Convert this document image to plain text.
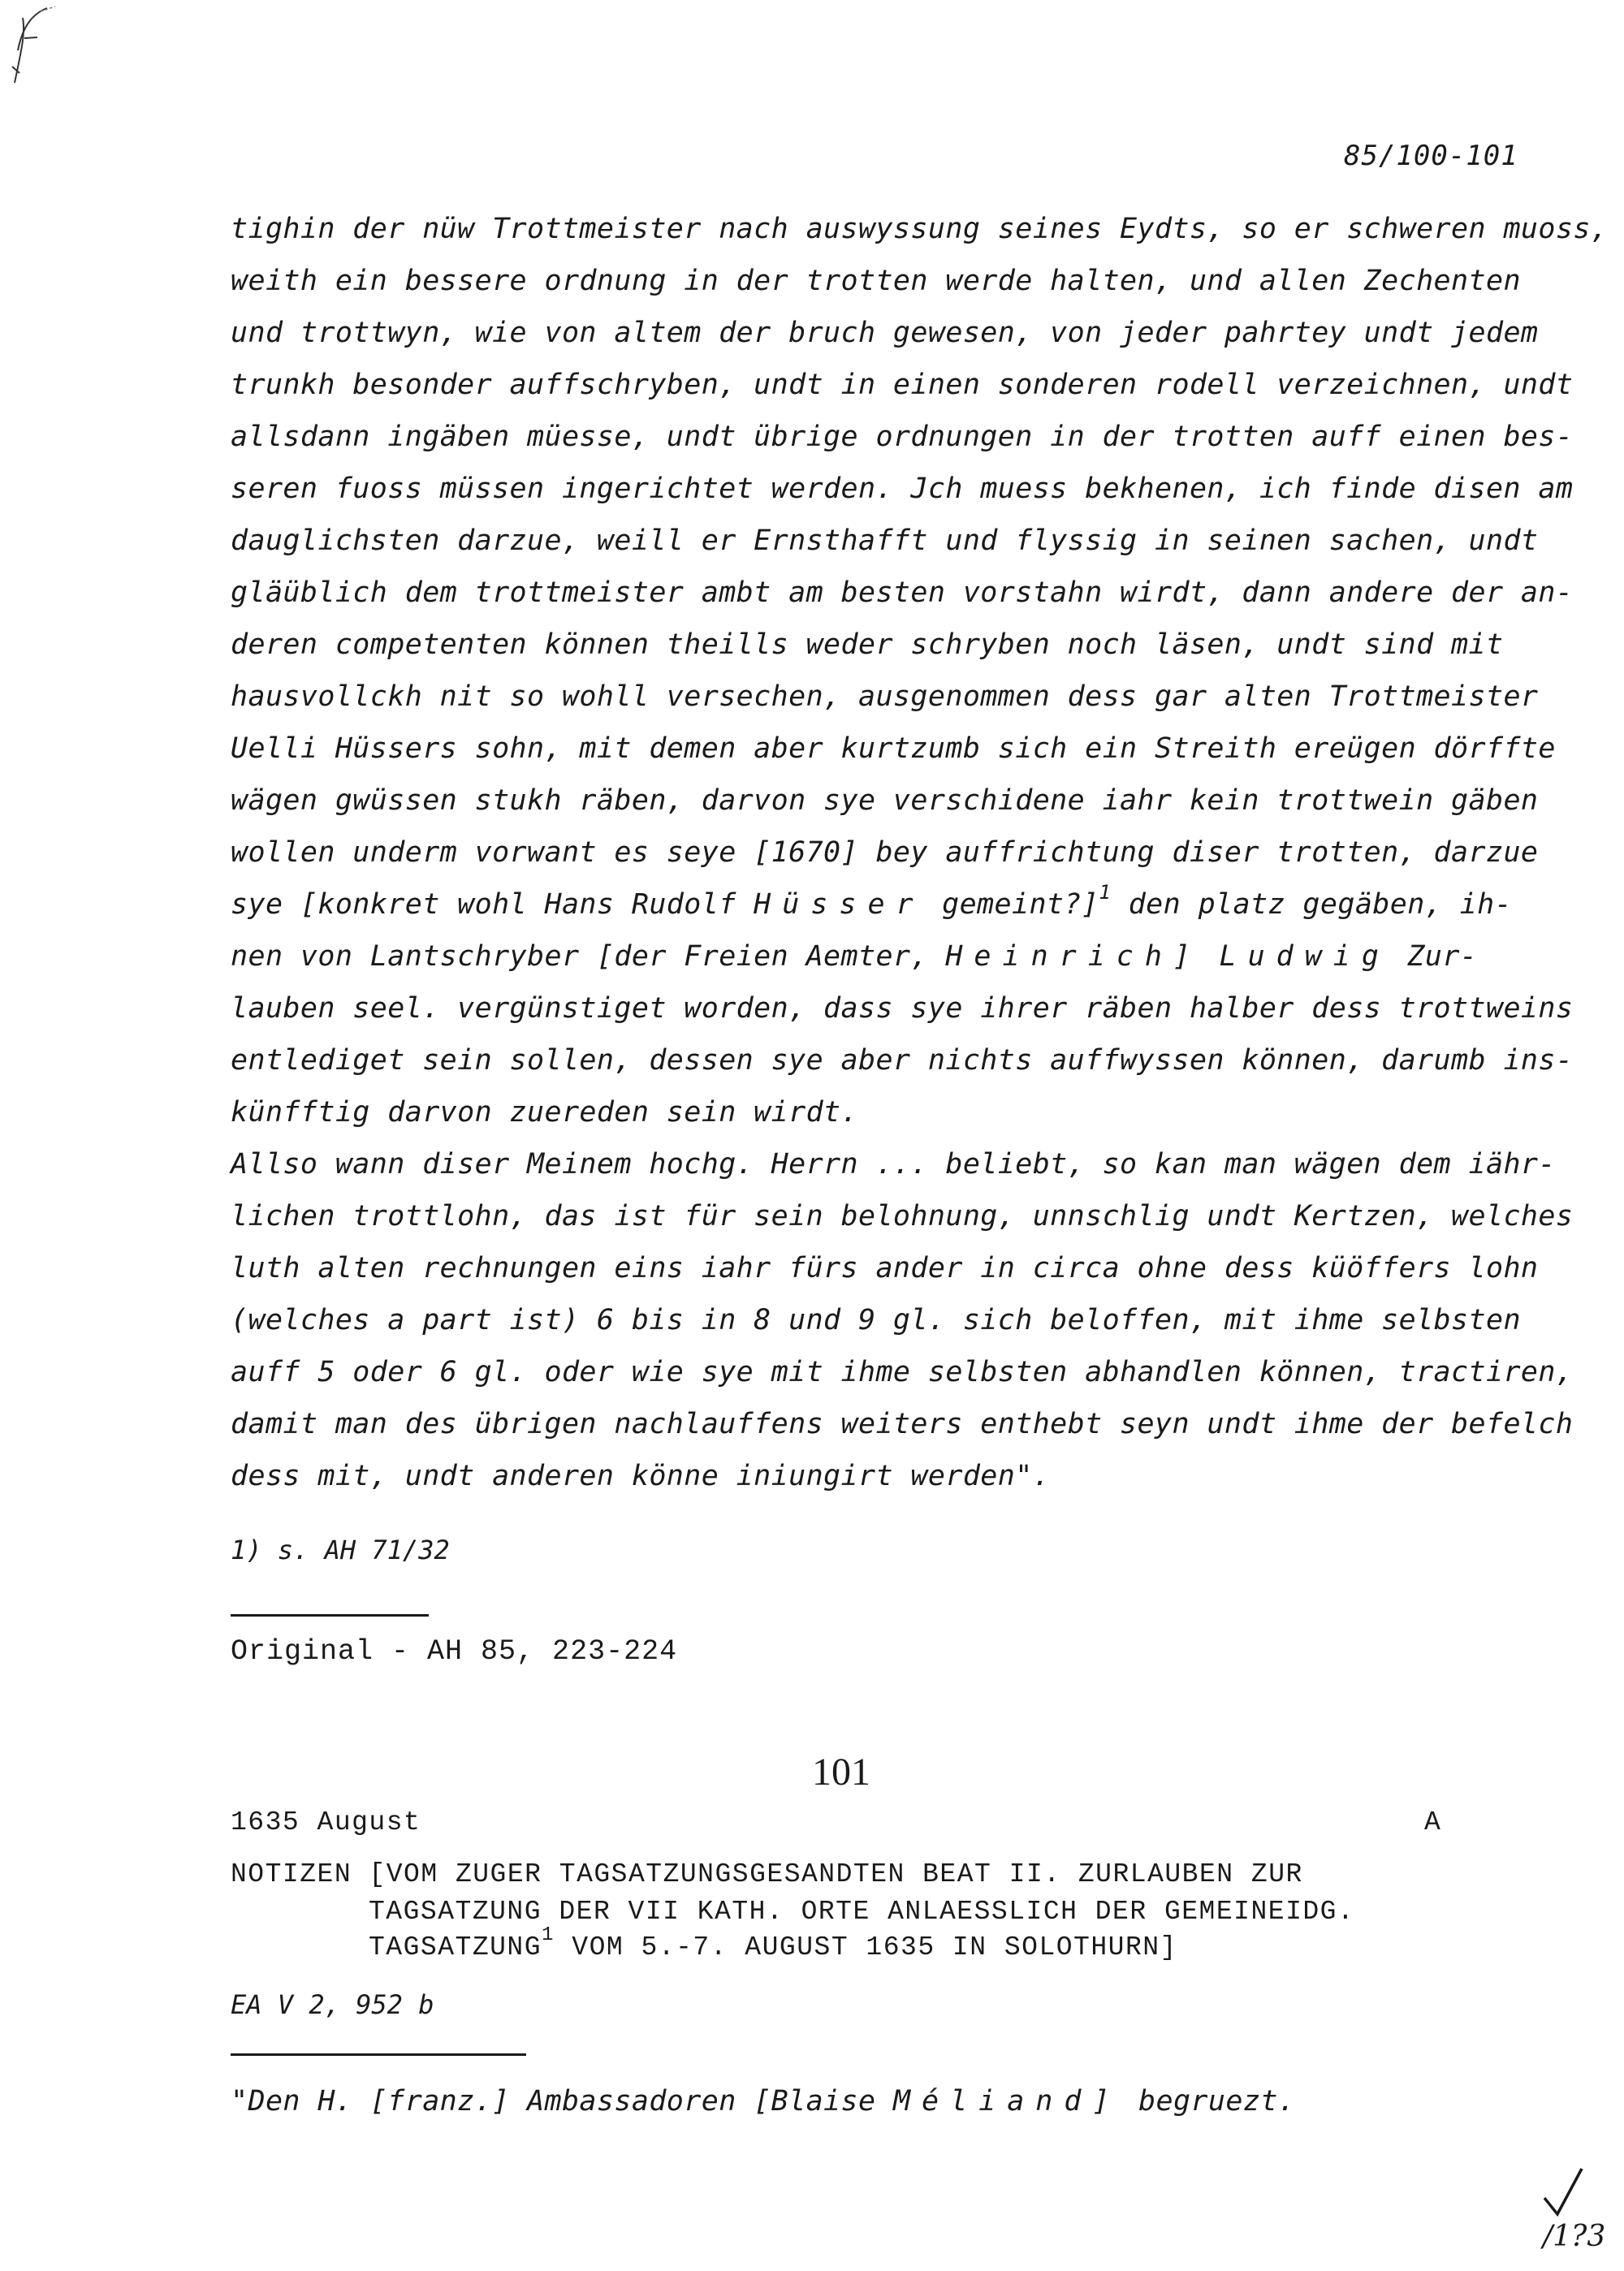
85/100-101
tighin der nüw Trottmeister nach auswyssung seines Eydts, so er schweren muoss,
weith ein bessere ordnung in der trotten werde halten, und allen Zechenten
und trottwyn, wie von altem der bruch gewesen, von jeder pahrtey undt jedem
trunkh besonder auffschryben, undt in einen sonderen rodell verzeichnen, undt
allsdann ingäben müesse, undt übrige ordnungen in der trotten auff einen bes-
seren fuoss müssen ingerichtet werden. Jch muess bekhenen, ich finde disen am
dauglichsten darzue, weill er Ernsthafft und flyssig in seinen sachen, undt
gläüblich dem trottmeister ambt am besten vorstahn wirdt, dann andere der an-
deren competenten können theills weder schryben noch läsen, undt sind mit
hausvollckh nit so wohll versechen, ausgenommen dess gar alten Trottmeister
Uelli Hüssers sohn, mit demen aber kurtzumb sich ein Streith ereügen dörffte
wägen gwüssen stukh räben, darvon sye verschidene iahr kein trottwein gäben
wollen underm vorwant es seye [1670] bey auffrichtung diser trotten, darzue
sye [konkret wohl Hans Rudolf Hüsser gemeint?]$^1$ den platz gegäben, ih-
nen von Lantschryber [der Freien Aemter, Heinrich] Ludwig Zur-
lauben seel. vergünstiget worden, dass sye ihrer räben halber dess trottweins
entlediget sein sollen, dessen sye aber nichts auffwyssen können, darumb ins-
künfftig darvon zuereden sein wirdt.
Allso wann diser Meinem hochg. Herrn ... beliebt, so kan man wägen dem iähr-
lichen trottlohn, das ist für sein belohnung, unnschlig undt Kertzen, welches
luth alten rechnungen eins iahr fürs ander in circa ohne dess küöffers lohn
(welches a part ist) 6 bis in 8 und 9 gl. sich beloffen, mit ihme selbsten
auff 5 oder 6 gl. oder wie sye mit ihme selbsten abhandlen können, tractiren,
damit man des übrigen nachlauffens weiters enthebt seyn undt ihme der befelch
dess mit, undt anderen könne iniungirt werden".
1) s. AH 71/32
Original - AH 85, 223-224
101
1635 August	A
NOTIZEN [VOM ZUGER TAGSATZUNGSGESANDTEN BEAT II. ZURLAUBEN ZUR
TAGSATZUNG DER VII KATH. ORTE ANLAESSLICH DER GEMEINEIDG.
TAGSATZUNG$^1$ VOM 5.-7. AUGUST 1635 IN SOLOTHURN]
EA V 2, 952 b
"Den H. [franz.] Ambassadoren [Blaise Méliand] begruezt.
/1?3
